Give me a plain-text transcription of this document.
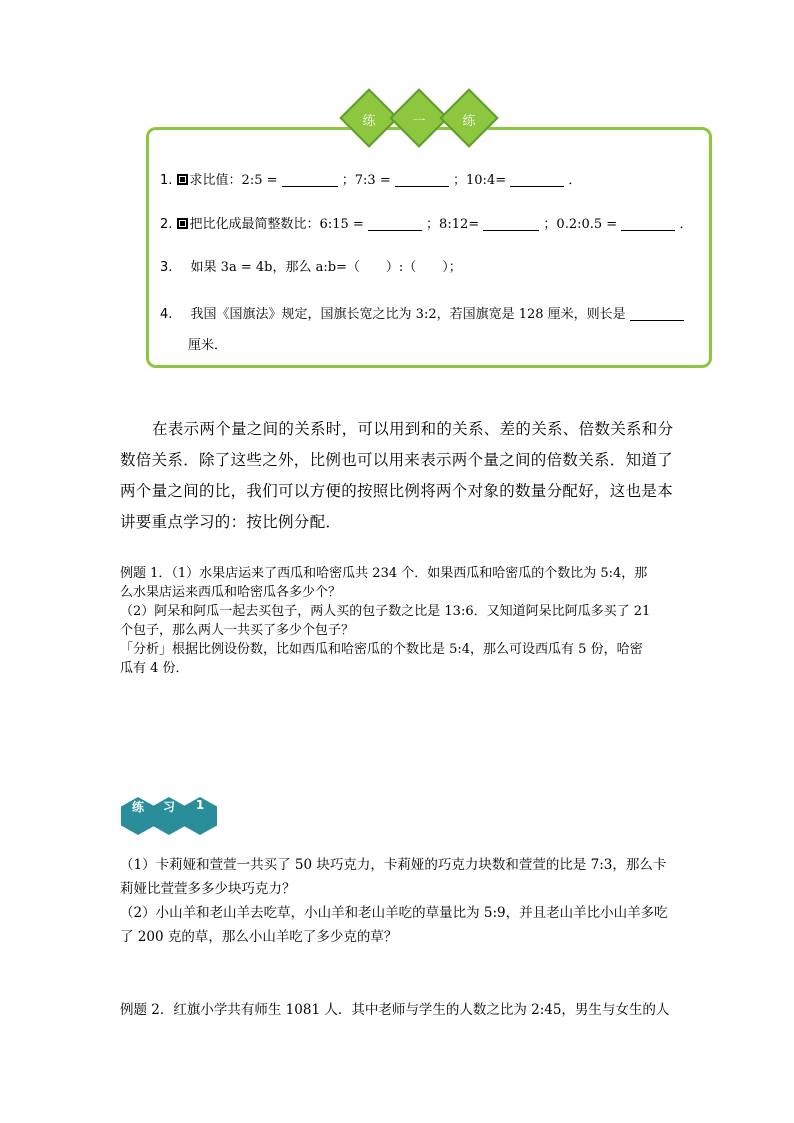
练	一	练
1. 求比值：2:5 =	；7:3 =	；10:4=	．
2. 把比化成最简整数比：6:15 =	；8:12=	；0.2:0.5 =	．
3. 如果 3a = 4b，那么 a:b=（　　）:（　　）；
4. 我国《国旗法》规定，国旗长宽之比为 3:2，若国旗宽是 128 厘米，则长是
厘米．
在表示两个量之间的关系时，可以用到和的关系、差的关系、倍数关系和分
数倍关系．除了这些之外，比例也可以用来表示两个量之间的倍数关系．知道了
两个量之间的比，我们可以方便的按照比例将两个对象的数量分配好，这也是本
讲要重点学习的：按比例分配．
例题 1．（1）水果店运来了西瓜和哈密瓜共 234 个．如果西瓜和哈密瓜的个数比为 5:4，那
么水果店运来西瓜和哈密瓜各多少个？
（2）阿呆和阿瓜一起去买包子，两人买的包子数之比是 13:6．又知道阿呆比阿瓜多买了 21
个包子，那么两人一共买了多少个包子？
「分析」根据比例设份数，比如西瓜和哈密瓜的个数比是 5:4，那么可设西瓜有 5 份，哈密
瓜有 4 份．
练	习	1
（1）卡莉娅和萱萱一共买了 50 块巧克力，卡莉娅的巧克力块数和萱萱的比是 7:3，那么卡
莉娅比萱萱多多少块巧克力？
（2）小山羊和老山羊去吃草，小山羊和老山羊吃的草量比为 5:9，并且老山羊比小山羊多吃
了 200 克的草，那么小山羊吃了多少克的草？
例题 2．红旗小学共有师生 1081 人．其中老师与学生的人数之比为 2:45，男生与女生的人
